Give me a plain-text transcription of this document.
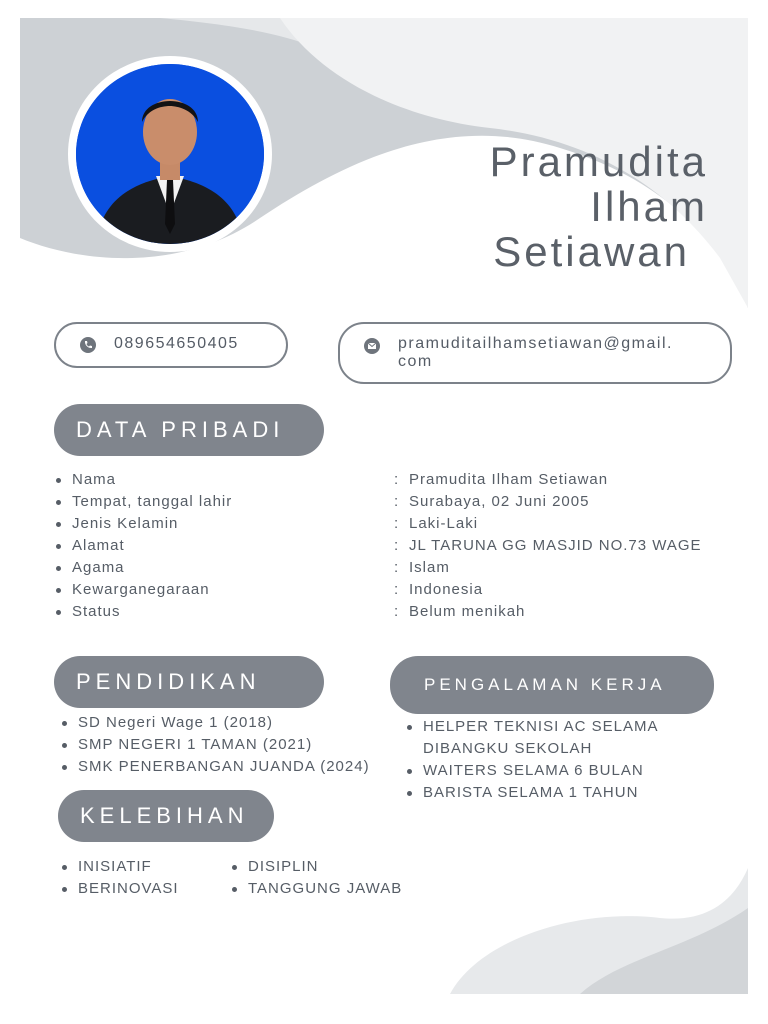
Pramudita
Ilham
Setiawan
089654650405	pramuditailhamsetiawan@gmail.
com
DATA PRIBADI
Nama
Tempat, tanggal lahir
Jenis Kelamin
Alamat
Agama
Kewarganegaraan
Status
:
:
:
:
:
:
:
Pramudita Ilham Setiawan
Surabaya, 02 Juni 2005
Laki-Laki
JL TARUNA GG MASJID NO.73 WAGE
Islam
Indonesia
Belum menikah
PENDIDIKAN
SD Negeri Wage 1 (2018)
SMP NEGERI 1 TAMAN (2021)
SMK PENERBANGAN JUANDA (2024)
PENGALAMAN KERJA
HELPER TEKNISI AC SELAMA
DIBANGKU SEKOLAH
WAITERS SELAMA 6 BULAN
BARISTA SELAMA 1 TAHUN
KELEBIHAN
INISIATIF
BERINOVASI
DISIPLIN
TANGGUNG JAWAB
